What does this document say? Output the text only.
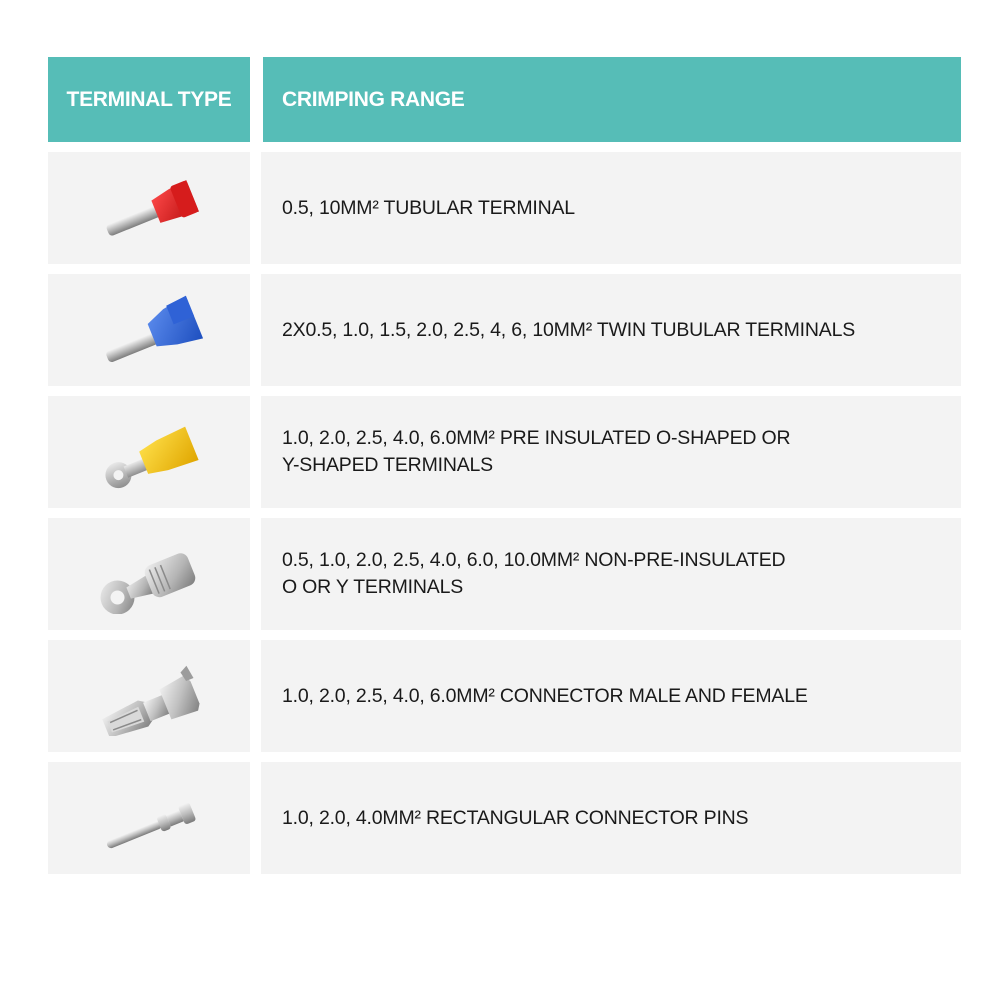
TERMINAL TYPE	CRIMPING RANGE
0.5, 10MM² TUBULAR TERMINAL
2X0.5, 1.0, 1.5, 2.0, 2.5, 4, 6, 10MM² TWIN TUBULAR TERMINALS
1.0, 2.0, 2.5, 4.0, 6.0MM² PRE INSULATED O-SHAPED OR
Y-SHAPED TERMINALS
0.5, 1.0, 2.0, 2.5, 4.0, 6.0, 10.0MM² NON-PRE-INSULATED
O OR Y TERMINALS
1.0, 2.0, 2.5, 4.0, 6.0MM² CONNECTOR MALE AND FEMALE
1.0, 2.0, 4.0MM² RECTANGULAR CONNECTOR PINS
